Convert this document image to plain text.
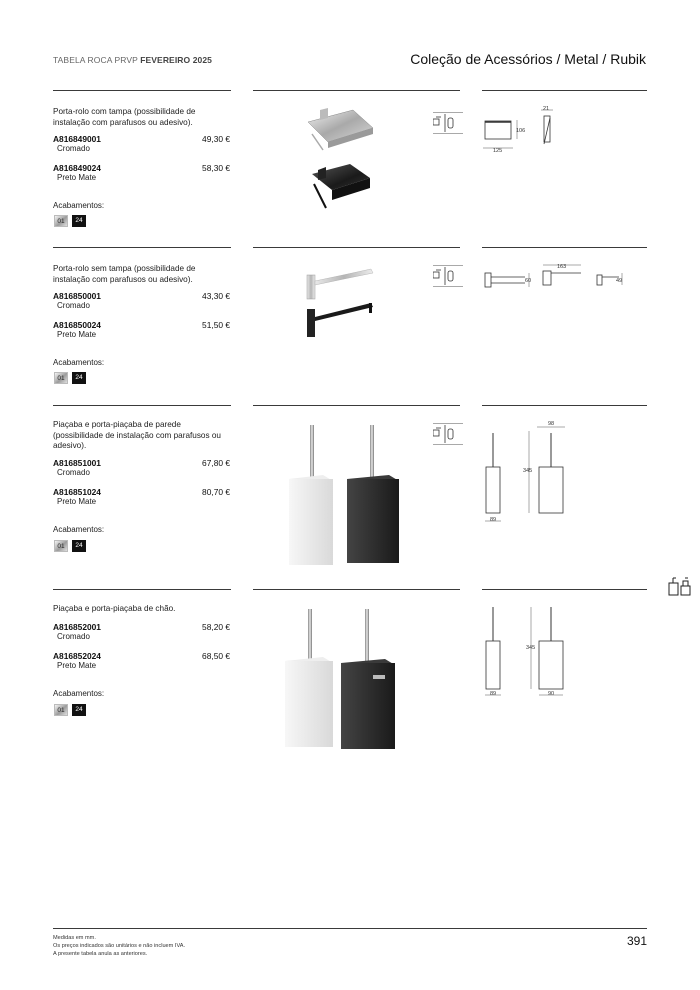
TABELA ROCA PRVP FEVEREIRO 2025	Coleção de Acessórios / Metal / Rubik
Porta-rolo com tampa (possibilidade de instalação com parafusos ou adesivo).
A816849001	49,30 €
Cromado
A816849024	58,30 €
Preto Mate
Acabamentos:
01	24
21
106
125
Porta-rolo sem tampa (possibilidade de instalação com parafusos ou adesivo).
A816850001	43,30 €
Cromado
A816850024	51,50 €
Preto Mate
Acabamentos:
01	24
60
163
49
Piaçaba e porta-piaçaba de parede (possibilidade de instalação com parafusos ou adesivo).
A816851001	67,80 €
Cromado
A816851024	80,70 €
Preto Mate
Acabamentos:
01	24
98
345
89
Piaçaba e porta-piaçaba de chão.
A816852001	58,20 €
Cromado
A816852024	68,50 €
Preto Mate
Acabamentos:
01	24
345
89	90
Medidas em mm.
Os preços indicados são unitários e não incluem IVA.
A presente tabela anula as anteriores.
391
